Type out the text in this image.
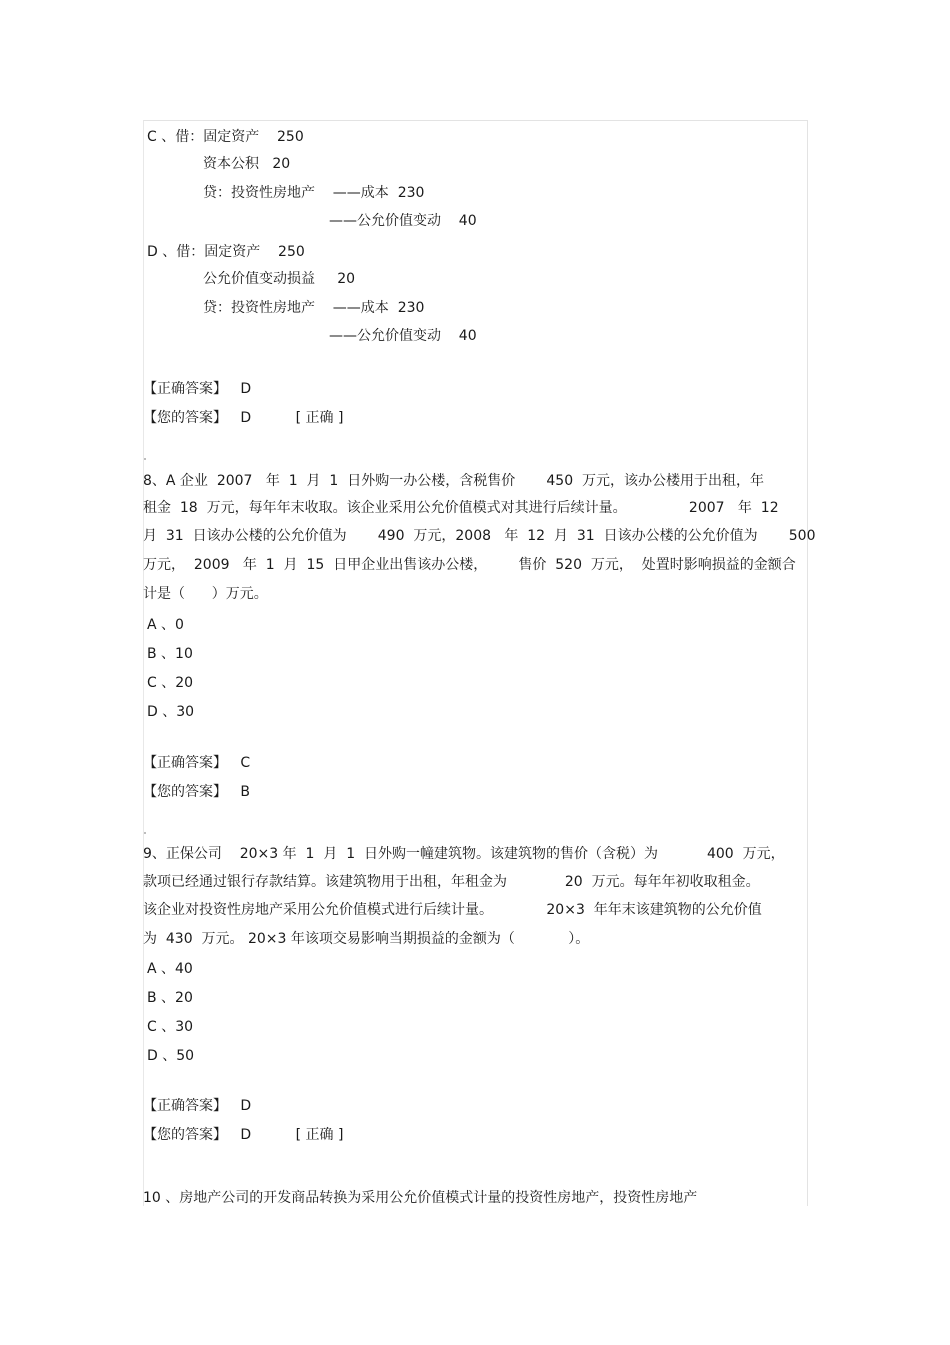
C 、借：固定资产    250
资本公积   20
贷：投资性房地产    ——成本  230
——公允价值变动    40
D 、借：固定资产    250
公允价值变动损益     20
贷：投资性房地产    ——成本  230
——公允价值变动    40
【正确答案】   D
【您的答案】   D          [ 正确 ]
8、A 企业  2007   年  1  月  1  日外购一办公楼，含税售价       450  万元，该办公楼用于出租，年
租金  18  万元，每年年末收取。该企业采用公允价值模式对其进行后续计量。              2007   年  12
月  31  日该办公楼的公允价值为       490  万元，2008   年  12  月  31  日该办公楼的公允价值为       500
万元，  2009   年  1  月  15  日甲企业出售该办公楼，       售价  520  万元，  处置时影响损益的金额合
计是（      ）万元。
A 、0
B 、10
C 、20
D 、30
【正确答案】   C
【您的答案】   B
9、正保公司    20×3 年  1  月  1  日外购一幢建筑物。该建筑物的售价（含税）为           400  万元，
款项已经通过银行存款结算。该建筑物用于出租，年租金为             20  万元。每年年初收取租金。
该企业对投资性房地产采用公允价值模式进行后续计量。            20×3  年年末该建筑物的公允价值
为  430  万元。 20×3 年该项交易影响当期损益的金额为（            ）。
A 、40
B 、20
C 、30
D 、50
【正确答案】   D
【您的答案】   D          [ 正确 ]
10 、房地产公司的开发商品转换为采用公允价值模式计量的投资性房地产，投资性房地产
